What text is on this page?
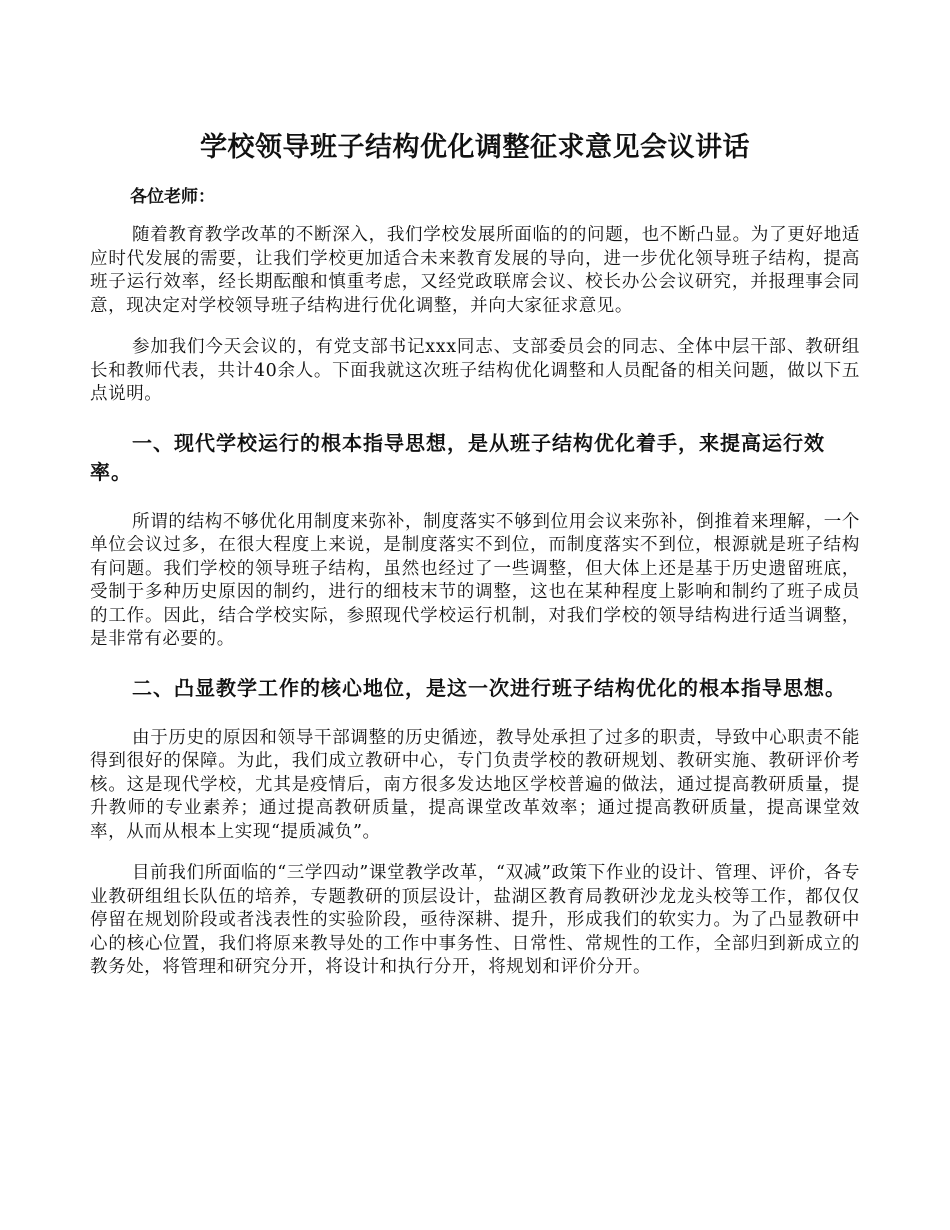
学校领导班子结构优化调整征求意见会议讲话
各位老师：

随着教育教学改革的不断深入，我们学校发展所面临的的问题，也不断凸显。为了更好地适应时代发展的需要，让我们学校更加适合未来教育发展的导向，进一步优化领导班子结构，提高班子运行效率，经长期酝酿和慎重考虑，又经党政联席会议、校长办公会议研究，并报理事会同意，现决定对学校领导班子结构进行优化调整，并向大家征求意见。

参加我们今天会议的，有党支部书记xxx同志、支部委员会的同志、全体中层干部、教研组长和教师代表，共计40余人。下面我就这次班子结构优化调整和人员配备的相关问题，做以下五点说明。

一、现代学校运行的根本指导思想，是从班子结构优化着手，来提高运行效率。

所谓的结构不够优化用制度来弥补，制度落实不够到位用会议来弥补，倒推着来理解，一个单位会议过多，在很大程度上来说，是制度落实不到位，而制度落实不到位，根源就是班子结构有问题。我们学校的领导班子结构，虽然也经过了一些调整，但大体上还是基于历史遗留班底，受制于多种历史原因的制约，进行的细枝末节的调整，这也在某种程度上影响和制约了班子成员的工作。因此，结合学校实际，参照现代学校运行机制，对我们学校的领导结构进行适当调整，是非常有必要的。

二、凸显教学工作的核心地位，是这一次进行班子结构优化的根本指导思想。

由于历史的原因和领导干部调整的历史循迹，教导处承担了过多的职责，导致中心职责不能得到很好的保障。为此，我们成立教研中心，专门负责学校的教研规划、教研实施、教研评价考核。这是现代学校，尤其是疫情后，南方很多发达地区学校普遍的做法，通过提高教研质量，提升教师的专业素养；通过提高教研质量，提高课堂改革效率；通过提高教研质量，提高课堂效率，从而从根本上实现“提质减负”。

目前我们所面临的“三学四动”课堂教学改革，“双减”政策下作业的设计、管理、评价，各专业教研组组长队伍的培养，专题教研的顶层设计，盐湖区教育局教研沙龙龙头校等工作，都仅仅停留在规划阶段或者浅表性的实验阶段，亟待深耕、提升，形成我们的软实力。为了凸显教研中心的核心位置，我们将原来教导处的工作中事务性、日常性、常规性的工作，全部归到新成立的教务处，将管理和研究分开，将设计和执行分开，将规划和评价分开。
